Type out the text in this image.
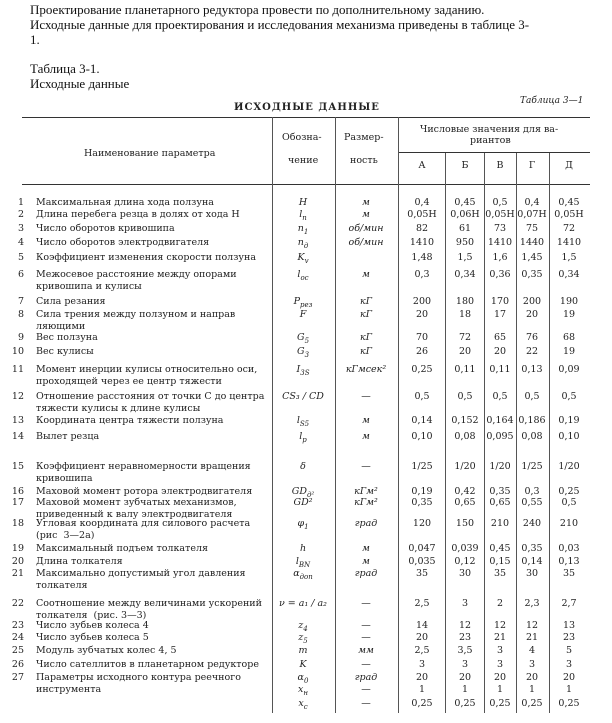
Проектирование планетарного редуктора провести по дополнительному заданию.
Исходные данные для проектирования и исследования механизма приведены в таблице 3-
1.
Таблица 3-1.
Исходные данные
Таблица 3—1
ИСХОДНЫЕ ДАННЫЕ
Наименование параметра
Обозна-
чение
Размер-
ность
Числовые значения для ва-
риантов
А	Б	В	Г	Д
1 Максимальная длина хода ползуна	H	м	0,4	0,45	0,5	0,4	0,45
2 Длина перебега резца в долях от хода H	$l_п$	м	0,05H	0,06H 0,05H 0,07H 0,05H
3 Число оборотов кривошипа	$n_1$	об/мин	82	61	73	75	72
4 Число оборотов электродвигателя	$n_д$	об/мин	1410	950	1410 1440	1410
5 Коэффициент изменения скорости ползуна	$K_v$	1,48	1,5	1,6	1,45	1,5
6 Межосевое расстояние между опорами
кривошипа и кулисы
$l_{ос}$	м	0,3	0,34	0,36	0,35	0,34
7 Сила резания	$P_{рез}$	кГ	200	180	170	200	190
8 Сила трения между ползуном и направ
ляющими
F	кГ	20	18	17	20	19
9 Вес ползуна	$G_5$	кГ	70	72	65	76	68
10 Вес кулисы	$G_3$	кГ	26	20	20	22	19
11 Момент инерции кулисы относительно оси,
проходящей через ее центр тяжести
$I_{3S}$	кГмсек²	0,25	0,11	0,11	0,13	0,09
12 Отношение расстояния от точки C до центра
тяжести кулисы к длине кулисы
CS₃ / CD	—	0,5	0,5	0,5	0,5	0,5
13 Координата центра тяжести ползуна	$l_{S5}$	м	0,14	0,152 0,164 0,186	0,19
14 Вылет резца	$l_р$	м	0,10	0,08	0,095 0,08	0,10
15 Коэффициент неравномерности вращения
кривошипа
δ	—	1/25	1/20	1/20	1/25	1/20
16 Маховой момент ротора электродвигателя	$GD_{д^2}$	кГм²	0,19	0,42	0,35	0,3	0,25
17 Маховой момент зубчатых механизмов,
приведенный к валу электродвигателя
GD²	кГм²	0,35	0,65	0,65	0,55	0,5
18 Угловая координата для силового расчета
(рис  3—2а)
$\varphi_1$	град	120	150	210	240	210
19 Максимальный подъем толкателя	h	м	0,047	0,039	0,45	0,35	0,03
20 Длина толкателя	$l_{BN}$	м	0,035	0,12	0,15	0,14	0,13
21 Максимально допустимый угол давления
толкателя
$\alpha_{доп}$	град	35	30	35	30	35
22 Соотношение между величинами ускорений
толкателя  (рис. 3—3)
ν = a₁ / a₂	—	2,5	3	2	2,3	2,7
23 Число зубьев колеса 4	$z_4$	—	14	12	12	12	13
24 Число зубьев колеса 5	$z_5$	—	20	23	21	21	23
25 Модуль зубчатых колес 4, 5	m	мм	2,5	3,5	3	4	5
26 Число сателлитов в планетарном редукторе	K	—	3	3	3	3	3
27 Параметры исходного контура реечного
инструмента
$\alpha_0$	град	20	20	20	20	20
$x_н$	—	1	1	1	1	1
$x_c$	—	0,25	0,25	0,25	0,25	0,25
